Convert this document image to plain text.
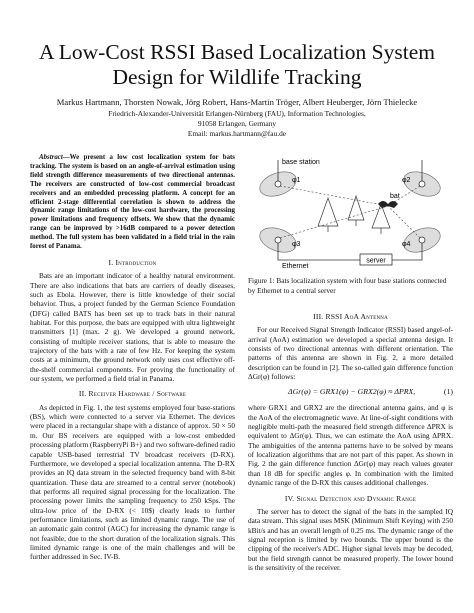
A Low-Cost RSSI Based Localization System
Design for Wildlife Tracking
Markus Hartmann, Thorsten Nowak, Jörg Robert, Hans-Martin Tröger, Albert Heuberger, Jörn Thielecke
Friedrich-Alexander-Universität Erlangen-Nürnberg (FAU), Information Technologies,
91058 Erlangen, Germany
Email: markus.hartmann@fau.de

Abstract—We present a low cost localization system for bats tracking. The system is based on an angle-of-arrival estimation using field strength difference measurements of two directional antennas. The receivers are constructed of low-cost commercial broadcast receivers and an embedded processing platform. A concept for an efficient 2-stage differential correlation is shown to address the dynamic range limitations of the low-cost hardware, the processing power limitations and frequency offsets. We show that the dynamic range can be improved by >16dB compared to a power detection method. The full system has been validated in a field trial in the rain forest of Panama.

I. Introduction

Bats are an important indicator of a healthy natural environment. There are also indications that bats are carriers of deadly diseases, such as Ebola. However, there is little knowledge of their social behavior. Thus, a project funded by the German Science Foundation (DFG) called BATS has been set up to track bats in their natural habitat. For this purpose, the bats are equipped with ultra lightweight transmitters [1] (max. 2 g). We developed a ground network, consisting of multiple receiver stations, that is able to measure the trajectory of the bats with a rate of few Hz. For keeping the system costs at a minimum, the ground network only uses cost effective off-the-shelf commercial components. For proving the functionality of our system, we performed a field trial in Panama.

II. Receiver Hardware / Software

As depicted in Fig. 1, the test systems employed four base-stations (BS), which were connected to a server via Ethernet. The devices were placed in a rectangular shape with a distance of approx. 50 × 50 m. Our BS receivers are equipped with a low-cost embedded processing platform (RaspberryPi B+) and two software-defined radio capable USB-based terrestrial TV broadcast receivers (D-RX). Furthermore, we developed a special localization antenna. The D-RX provides an IQ data stream in the selected frequency band with 8-bit quantization. These data are streamed to a central server (notebook) that performs all required signal processing for the localization. The processing power limits the sampling frequency to 250 kSps. The ultra-low price of the D-RX (< 10$) clearly leads to further performance limitations, such as limited dynamic range. The use of an automatic gain control (AGC) for increasing the dynamic range is not feasible, due to the short duration of the localization signals. This limited dynamic range is one of the main challenges and will be further addressed in Sec. IV-B.

server
Ethernet
base station
bat
φ1	φ2
φ3	φ4

Figure 1: Bats localization system with four base stations connected by Ethernet to a central server

III. RSSI AoA Antenna

For our Received Signal Strength Indicator (RSSI) based angel-of-arrival (AoA) estimation we developed a special antenna design. It consists of two directional antennas with different orientation. The patterns of this antenna are shown in Fig. 2, a more detailed description can be found in [2]. The so-called gain difference function ΔGr(φ) follows:

ΔGr(φ) = GRX1(φ) − GRX2(φ) ≈ ΔPRX,	(1)

where GRX1 and GRX2 are the directional antenna gains, and φ is the AoA of the electromagnetic wave. At line-of-sight conditions with negligible multi-path the measured field strength difference ΔPRX is equivalent to ΔGr(φ). Thus, we can estimate the AoA using ΔPRX. The ambiguities of the antenna patterns have to be solved by means of localization algorithms that are not part of this paper. As shown in Fig. 2 the gain difference function ΔGr(φ) may reach values greater than 18 dB for specific angles φ. In combination with the limited dynamic range of the D-RX this causes additional challenges.

IV. Signal Detection and Dynamic Range

The server has to detect the signal of the bats in the sampled IQ data stream. This signal uses MSK (Minimum Shift Keying) with 250 kBit/s and has an overall length of 0.25 ms. The dynamic range of the signal reception is limited by two bounds. The upper bound is the clipping of the receiver's ADC. Higher signal levels may be decoded, but the field strength cannot be measured properly. The lower bound is the sensitivity of the receiver.
